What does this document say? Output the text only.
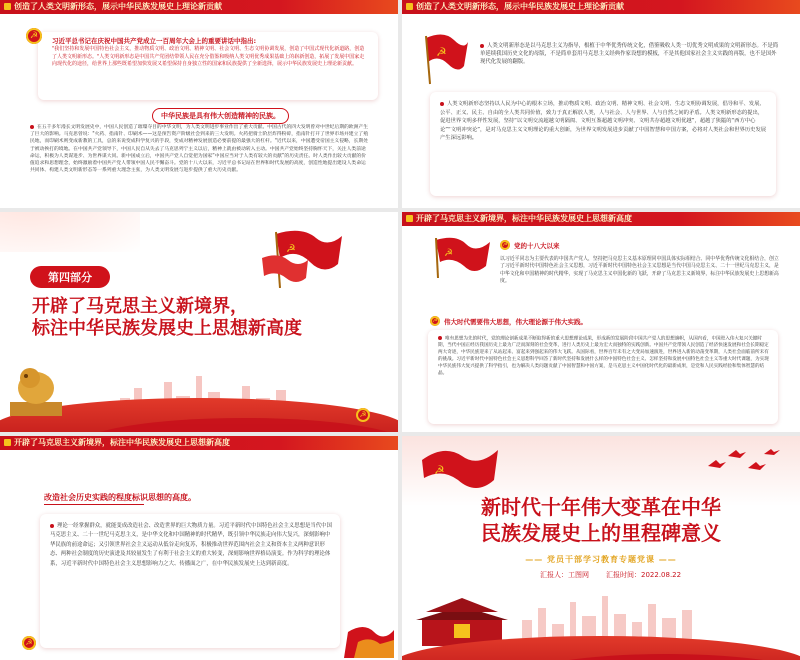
创造了人类文明新形态，展示中华民族发展史上理论新贡献
☭
习近平总书记在庆祝中国共产党成立一百周年大会上的重要讲话中指出:
"我们坚持和发展中国特色社会主义，推动物质文明、政治文明、精神文明、社会文明、生态文明协调发展，创造了中国式现代化新道路，创造了人类文明新形态。"人类文明新形态是中国共产党团结带领人民在充分借鉴和吸纳人类文明优秀成果基础上的崭新创造，拓展了发展中国家走向现代化的途径，给世界上那些既希望加快发展又希望保持自身独立性的国家和民族提供了全新选择，展示中华民族发展史上理论新贡献。
中华民族是具有伟大创造精神的民族。
在五千多年漫长文明发展史中，中国人民创造了璀璨夺目的中华文明，为人类文明进步事业作出了重大贡献。中国古代的四大发明曾对中世纪后期的欧洲产生了巨大的影响。马克思曾说："火药、指南针、印刷术——这是预告资产阶级社会到来的三大发明。火药把骑士阶层炸得粉碎，指南针打开了世界市场并建立了殖民地，而印刷术则变成新教的工具，总的来说变成科学复兴的手段，变成对精神发展创造必要前提的最强大的杠杆。"近代以来，中国遭受帝国主义侵略，长期处于被动挨打的境地。在中国共产党领导下，中国人民自从失去了马克思列宁主义以后，精神上就由被动转入主动。中国共产党始终坚持胸怀天下，关注人类前途命运，积极为人类谋进步、为世界谋大同。新中国成立后，中国共产党人自觉把为国家“中国应当对于人类有较大的贡献”的历史责任。时人类作出较大贡献的价值追求和思想理念，始终激励着中国共产党人带领中国人民不懈奋斗。党的十八大以来，习近平总书记站在世界和时代发展的高度，创造性地提出建设人类命运共同体、构建人类文明新形态等一系列重大理念主张，为人类文明发展与进步提供了重大历史贡献。
创造了人类文明新形态，展示中华民族发展史上理论新贡献
☭	人类文明新形态是以马克思主义为指导，根植于中华优秀传统文化，借鉴吸收人类一切优秀文明成果的文明新形态。不是简单延续我国历史文化的母版，不是简单套用马克思主义经典作家设想的模板，不是其他国家社会主义实践的再版，也不是国外现代化发展的翻版。
人类文明新形态坚持以人民为中心的根本立场，推动物质文明、政治文明、精神文明、社会文明、生态文明协调发展，倡导和平、发展、公平、正义、民主、自由的全人类共同价值，致力于真正解放人类，人与社会、人与世界、人与自然之间的矛盾。人类文明新形态的提出，促进世界文明多样性发展，坚持“以文明交流超越文明隔阂、文明互鉴超越文明冲突、文明共存超越文明优越”，超越了狭隘的“西方中心论”“文明冲突论”，是对马克思主义文明理论的重大创新，为世界文明发展进步贡献了中国智慧和中国方案，必将对人类社会和世界历史发展产生深远影响。
☭
第四部分
开辟了马克思主义新境界，
标注中华民族发展史上思想新高度
☭
开辟了马克思主义新境界，标注中华民族发展史上思想新高度
☭
☭
党的十八大以来
以习近平同志为主要代表的中国共产党人，坚持把马克思主义基本原理同中国具体实际相结合、同中华优秀传统文化相结合，创立了习近平新时代中国特色社会主义思想，习近平新时代中国特色社会主义思想是当代中国马克思主义、二十一世纪马克思主义，是中华文化和中国精神的时代精华，实现了马克思主义中国化新的飞跃，开辟了马克思主义新境界，标注中华民族发展史上思想新高度。
☭
伟大时代需要伟大思想，伟大理论源于伟大实践。
唯有思想为先的时代，党的理论创新成果不断取得新的重大思想理论成果，形成新的发展阶段中国共产党人的思想旗帜，从国内看，中国进入伟大复兴关键时期，当代中国正经历我国历史上最为广泛而深刻的社会变革，进行人类历史上最为宏大而独特的实践创新。中国共产党带领人民创造了经济快速发展和社会长期稳定两大奇迹，中华民族迎来了从站起来、富起来到强起来的伟大飞跃。从国际看，世界百年未有之大变局加速演进，世界进入新的动荡变革期，人类社会面临前所未有的挑战。习近平新时代中国特色社会主义思想科学回答了新时代坚持和发展什么样的中国特色社会主义、怎样坚持和发展中国特色社会主义等重大时代课题，为实现中华民族伟大复兴提供了科学指引，也为解决人类问题贡献了中国智慧和中国方案，是马克思主义中国化时代化的最新成果，是党和人民实践经验和集体智慧的结晶。
开辟了马克思主义新境界，标注中华民族发展史上思想新高度
改造社会历史实践的程度标识思想的高度。
理论一经掌握群众，就能变成改造社会、改造世界的巨大物质力量。习近平新时代中国特色社会主义思想是当代中国马克思主义、二十一世纪马克思主义，是中华文化和中国精神的时代精华，既引领中华民族走向伟大复兴，深刻影响中华民族的前途命运；又引领世界社会主义运动从低谷走向复苏，积极推动世界范围内社会主义和资本主义两种意识形态、两种社会制度的历史演进及其较量发生了有利于社会主义的重大转变，深刻影响世界格局演变。作为科学的理论体系，习近平新时代中国特色社会主义思想影响力之大、传播面之广，在中华民族发展史上达到新高度。
☭
☭
新时代十年伟大变革在中华
民族发展史上的里程碑意义
—— 党员干部学习教育专题党课 ——
汇报人：工图网 汇报时间：2022.08.22
